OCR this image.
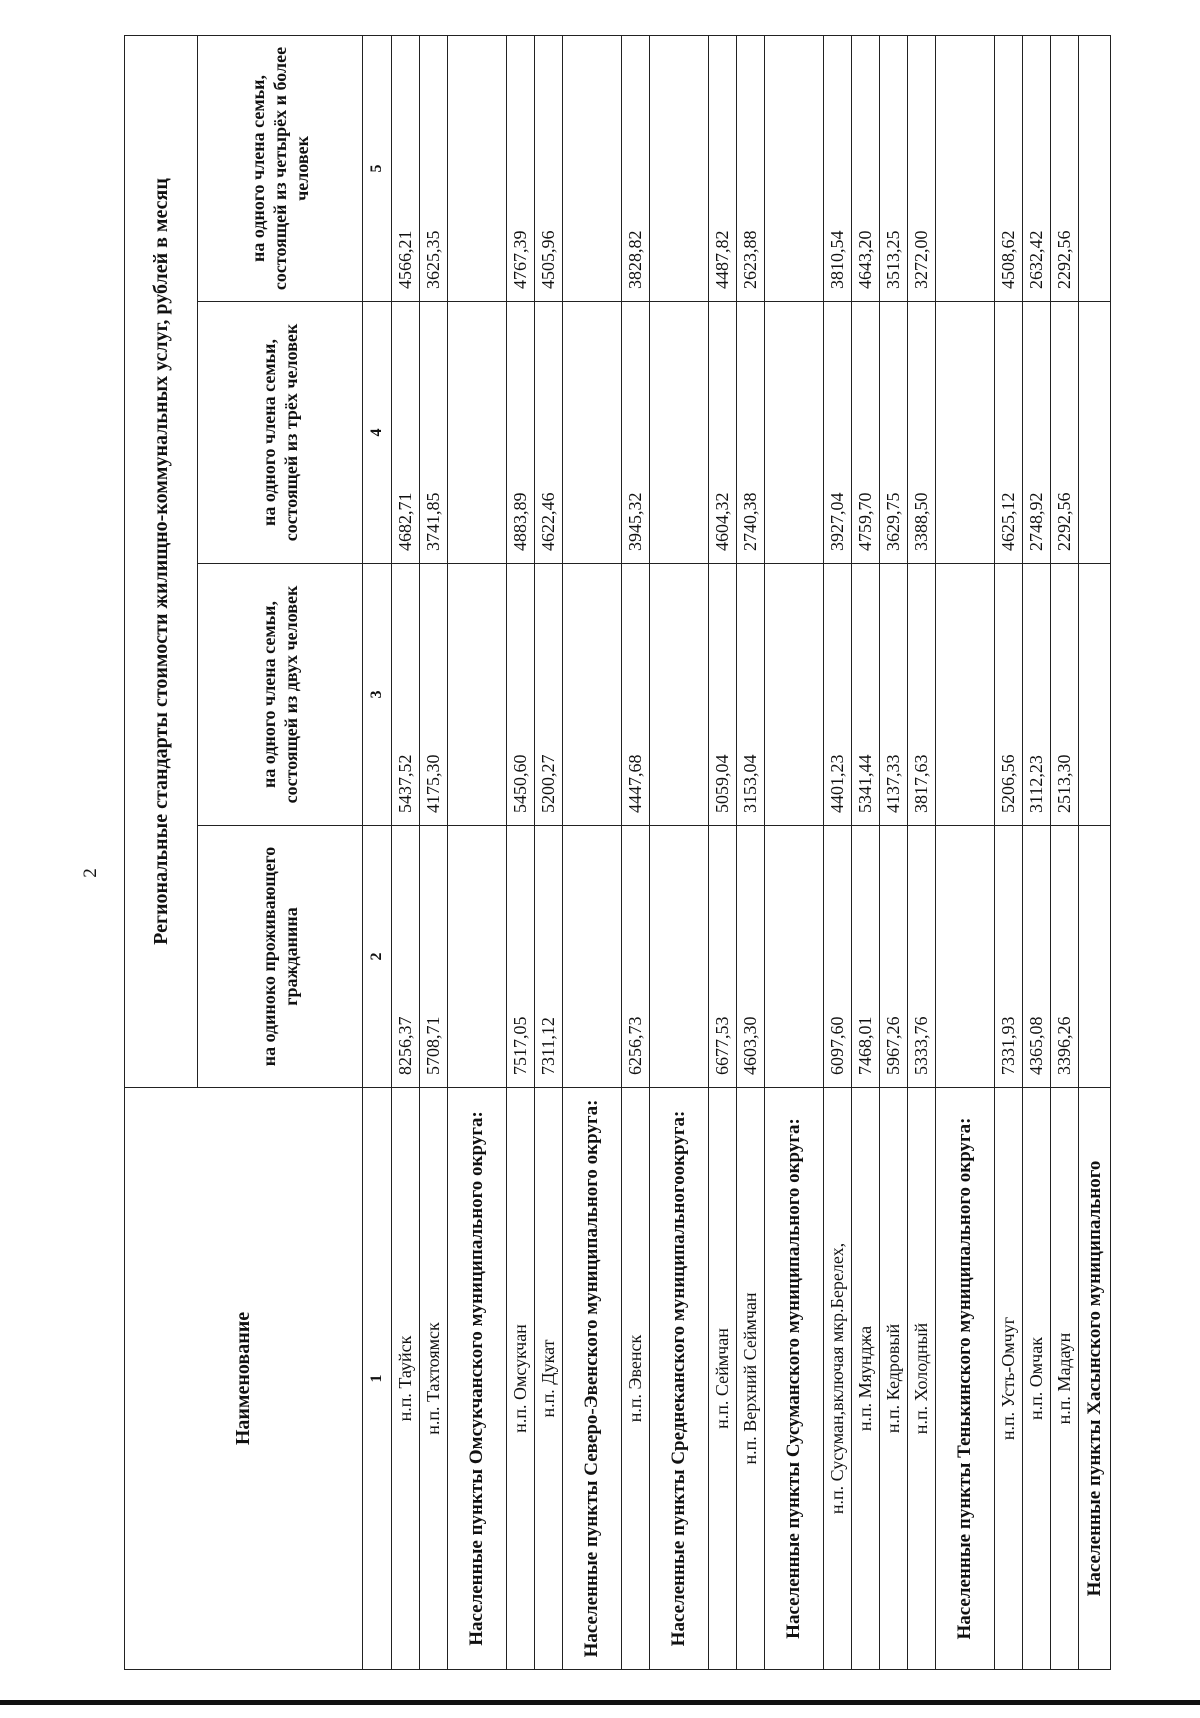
2
Наименование	Региональные стандарты стоимости жилищно-коммунальных услуг, рублей в месяц			
	на одиноко проживающего гражданина	на одного члена семьи, состоящей из двух человек	на одного члена семьи, состоящей из трёх человек	на одного члена семьи, состоящей из четырёх и более человек
1	2	3	4	5
н.п. Тауйск	8256,37	5437,52	4682,71	4566,21
н.п. Тахтоямск	5708,71	4175,30	3741,85	3625,35
Населенные пункты Омсукчанского муниципального округа:				
н.п. Омсукчан	7517,05	5450,60	4883,89	4767,39
н.п. Дукат	7311,12	5200,27	4622,46	4505,96
Населенные пункты Северо-Эвенского муниципального округа:				
н.п. Эвенск	6256,73	4447,68	3945,32	3828,82
Населенные пункты Среднеканского муниципальногоокруга:				
н.п. Сеймчан	6677,53	5059,04	4604,32	4487,82
н.п. Верхний Сеймчан	4603,30	3153,04	2740,38	2623,88
Населенные пункты Сусуманского муниципального округа:				
н.п. Сусуман,включая мкр.Берелех,	6097,60	4401,23	3927,04	3810,54
н.п. Мяунджа	7468,01	5341,44	4759,70	4643,20
н.п. Кедровый	5967,26	4137,33	3629,75	3513,25
н.п. Холодный	5333,76	3817,63	3388,50	3272,00
Населенные пункты Тенькинского муниципального округа:				
н.п. Усть-Омчуг	7331,93	5206,56	4625,12	4508,62
н.п. Омчак	4365,08	3112,23	2748,92	2632,42
н.п. Мадаун	3396,26	2513,30	2292,56	2292,56
Населенные пункты Хасынского муниципального				
